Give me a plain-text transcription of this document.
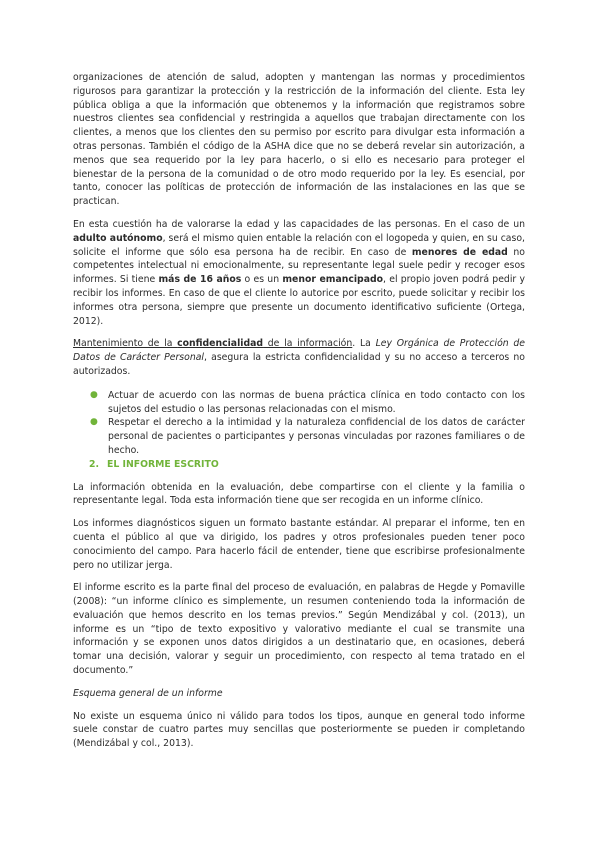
organizaciones de atención de salud, adopten y mantengan las normas y procedimientos rigurosos para garantizar la protección y la restricción de la información del cliente. Esta ley pública obliga a que la información que obtenemos y la información que registramos sobre nuestros clientes sea confidencial y restringida a aquellos que trabajan directamente con los clientes, a menos que los clientes den su permiso por escrito para divulgar esta información a otras personas. También el código de la ASHA dice que no se deberá revelar sin autorización, a menos que sea requerido por la ley para hacerlo, o si ello es necesario para proteger el bienestar de la persona de la comunidad o de otro modo requerido por la ley. Es esencial, por tanto, conocer las políticas de protección de información de las instalaciones en las que se practican.

En esta cuestión ha de valorarse la edad y las capacidades de las personas. En el caso de un adulto autónomo, será el mismo quien entable la relación con el logopeda y quien, en su caso, solicite el informe que sólo esa persona ha de recibir. En caso de menores de edad no competentes intelectual ni emocionalmente, su representante legal suele pedir y recoger esos informes. Si tiene más de 16 años o es un menor emancipado, el propio joven podrá pedir y recibir los informes. En caso de que el cliente lo autorice por escrito, puede solicitar y recibir los informes otra persona, siempre que presente un documento identificativo suficiente (Ortega, 2012).

Mantenimiento de la confidencialidad de la información. La Ley Orgánica de Protección de Datos de Carácter Personal, asegura la estricta confidencialidad y su no acceso a terceros no autorizados.

● Actuar de acuerdo con las normas de buena práctica clínica en todo contacto con los sujetos del estudio o las personas relacionadas con el mismo.
● Respetar el derecho a la intimidad y la naturaleza confidencial de los datos de carácter personal de pacientes o participantes y personas vinculadas por razones familiares o de hecho.
2. EL INFORME ESCRITO

La información obtenida en la evaluación, debe compartirse con el cliente y la familia o representante legal. Toda esta información tiene que ser recogida en un informe clínico.

Los informes diagnósticos siguen un formato bastante estándar. Al preparar el informe, ten en cuenta el público al que va dirigido, los padres y otros profesionales pueden tener poco conocimiento del campo. Para hacerlo fácil de entender, tiene que escribirse profesionalmente pero no utilizar jerga.

El informe escrito es la parte final del proceso de evaluación, en palabras de Hegde y Pomaville (2008): “un informe clínico es simplemente, un resumen conteniendo toda la información de evaluación que hemos descrito en los temas previos.” Según Mendizábal y col. (2013), un informe es un “tipo de texto expositivo y valorativo mediante el cual se transmite una información y se exponen unos datos dirigidos a un destinatario que, en ocasiones, deberá tomar una decisión, valorar y seguir un procedimiento, con respecto al tema tratado en el documento.”

Esquema general de un informe

No existe un esquema único ni válido para todos los tipos, aunque en general todo informe suele constar de cuatro partes muy sencillas que posteriormente se pueden ir completando (Mendizábal y col., 2013).
